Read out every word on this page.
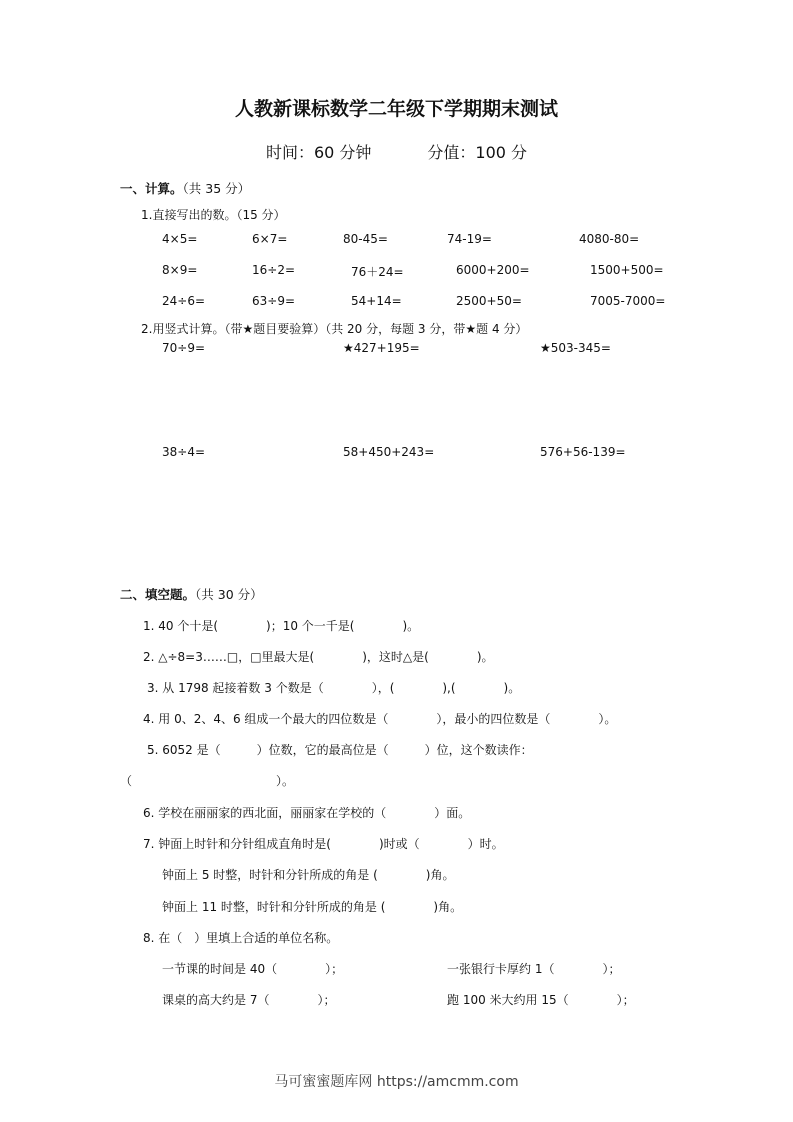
人教新课标数学二年级下学期期末测试
时间：60 分钟	分值：100 分
一、计算。（共 35 分）
1.直接写出的数。（15 分）
4×5=	6×7=	80-45=	74-19=	4080-80=
8×9=	16÷2=	76＋24=	6000+200=	1500+500=
24÷6=	63÷9=	54+14=	2500+50=	7005-7000=
2.用竖式计算。（带★题目要验算）（共 20 分，每题 3 分，带★题 4 分）
70÷9=	★427+195=	★503-345=
38÷4=	58+450+243=	576+56-139=
二、填空题。（共 30 分）
1. 40 个十是(　　　　)；10 个一千是(　　　　)。
2. △÷8=3……□，□里最大是(　　　　)，这时△是(　　　　)。
3. 从 1798 起接着数 3 个数是（　　　　），(　　　　),(　　　　)。
4. 用 0、2、4、6 组成一个最大的四位数是（　　　　），最小的四位数是（　　　　）。
5. 6052 是（　　　）位数，它的最高位是（　　　）位，这个数读作：
（　　　　　　　　　　　　）。
6. 学校在丽丽家的西北面，丽丽家在学校的（　　　　）面。
7. 钟面上时针和分针组成直角时是(　　　　)时或（　　　　）时。
钟面上 5 时整，时针和分针所成的角是 (　　　　)角。
钟面上 11 时整，时针和分针所成的角是 (　　　　)角。
8. 在（　）里填上合适的单位名称。
一节课的时间是 40（　　　　）；	一张银行卡厚约 1（　　　　）；
课桌的高大约是 7（　　　　）；	跑 100 米大约用 15（　　　　）；
马可蜜蜜题库网 https://amcmm.com
